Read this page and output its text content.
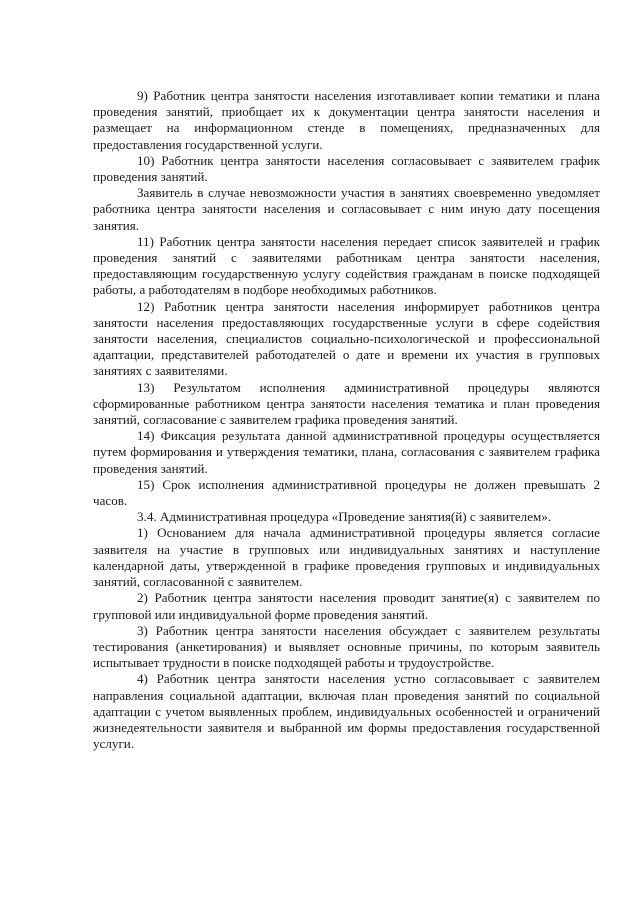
9) Работник центра занятости населения изготавливает копии тематики и плана проведения занятий, приобщает их к документации центра занятости населения и размещает на информационном стенде в помещениях, предназначенных для предоставления государственной услуги.

10) Работник центра занятости населения согласовывает с заявителем график проведения занятий.

Заявитель в случае невозможности участия в занятиях своевременно уведомляет работника центра занятости населения и согласовывает с ним иную дату посещения занятия.

11) Работник центра занятости населения передает список заявителей и график проведения занятий с заявителями работникам центра занятости населения, предоставляющим государственную услугу содействия гражданам в поиске подходящей работы, а работодателям в подборе необходимых работников.

12) Работник центра занятости населения информирует работников центра занятости населения предоставляющих государственные услуги в сфере содействия занятости населения, специалистов социально-психологической и профессиональной адаптации, представителей работодателей о дате и времени их участия в групповых занятиях с заявителями.

13) Результатом исполнения административной процедуры являются сформированные работником центра занятости населения тематика и план проведения занятий, согласование с заявителем графика проведения занятий.

14) Фиксация результата данной административной процедуры осуществляется путем формирования и утверждения тематики, плана, согласования с заявителем графика проведения занятий.

15) Срок исполнения административной процедуры не должен превышать 2 часов.

3.4. Административная процедура «Проведение занятия(й) с заявителем».

1) Основанием для начала административной процедуры является согласие заявителя на участие в групповых или индивидуальных занятиях и наступление календарной даты, утвержденной в графике проведения групповых и индивидуальных занятий, согласованной с заявителем.

2) Работник центра занятости населения проводит занятие(я) с заявителем по групповой или индивидуальной форме проведения занятий.

3) Работник центра занятости населения обсуждает с заявителем результаты тестирования (анкетирования) и выявляет основные причины, по которым заявитель испытывает трудности в поиске подходящей работы и трудоустройстве.

4) Работник центра занятости населения устно согласовывает с заявителем направления социальной адаптации, включая план проведения занятий по социальной адаптации с учетом выявленных проблем, индивидуальных особенностей и ограничений жизнедеятельности заявителя и выбранной им формы предоставления государственной услуги.
